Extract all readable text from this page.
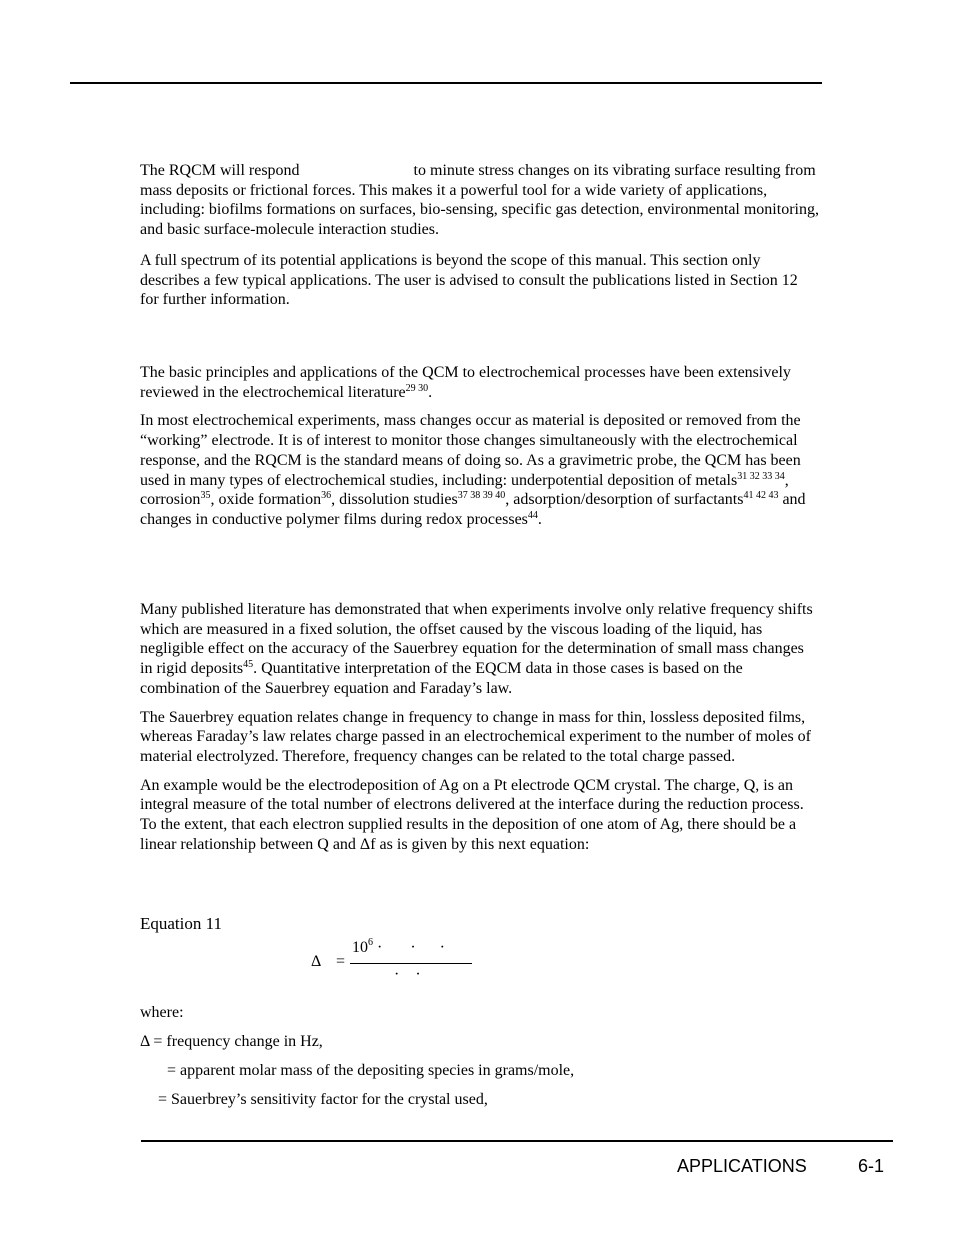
The RQCM will respond	to minute stress changes on its vibrating surface resulting from mass deposits or frictional forces. This makes it a powerful tool for a wide variety of applications, including: biofilms formations on surfaces, bio-sensing, specific gas detection, environmental monitoring, and basic surface-molecule interaction studies.

A full spectrum of its potential applications is beyond the scope of this manual. This section only describes a few typical applications. The user is advised to consult the publications listed in Section 12 for further information.

The basic principles and applications of the QCM to electrochemical processes have been extensively reviewed in the electrochemical literature$^{29 30}$.

In most electrochemical experiments, mass changes occur as material is deposited or removed from the “working” electrode. It is of interest to monitor those changes simultaneously with the electrochemical response, and the RQCM is the standard means of doing so. As a gravimetric probe, the QCM has been used in many types of electrochemical studies, including: underpotential deposition of metals$^{31 32 33 34}$, corrosion$^{35}$, oxide formation$^{36}$, dissolution studies$^{37 38 39 40}$, adsorption/desorption of surfactants$^{41 42 43}$ and changes in conductive polymer films during redox processes$^{44}$.

Many published literature has demonstrated that when experiments involve only relative frequency shifts which are measured in a fixed solution, the offset caused by the viscous loading of the liquid, has negligible effect on the accuracy of the Sauerbrey equation for the determination of small mass changes in rigid deposits$^{45}$. Quantitative interpretation of the EQCM data in those cases is based on the combination of the Sauerbrey equation and Faraday’s law.

The Sauerbrey equation relates change in frequency to change in mass for thin, lossless deposited films, whereas Faraday’s law relates charge passed in an electrochemical experiment to the number of moles of material electrolyzed. Therefore, frequency changes can be related to the total charge passed.

An example would be the electrodeposition of Ag on a Pt electrode QCM crystal. The charge, Q, is an integral measure of the total number of electrons delivered at the interface during the reduction process. To the extent, that each electron supplied results in the deposition of one atom of Ag, there should be a linear relationship between Q and Δf as is given by this next equation:

Equation 11
Δ =
$10^6$ ·       ·      ·
·    ·
where:
Δ = frequency change in Hz,
= apparent molar mass of the depositing species in grams/mole,
= Sauerbrey’s sensitivity factor for the crystal used,
APPLICATIONS	6-1
